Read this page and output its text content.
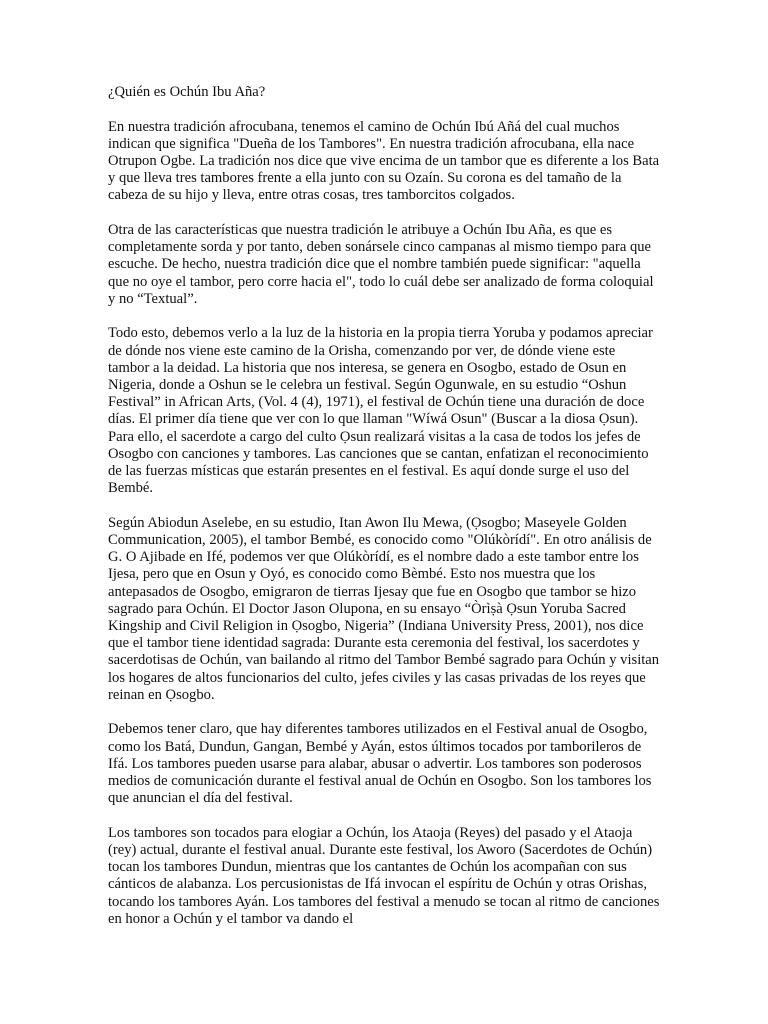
¿Quién es Ochún Ibu Aña?

En nuestra tradición afrocubana, tenemos el camino de Ochún Ibú Añá del cual muchos indican que significa "Dueña de los Tambores". En nuestra tradición afrocubana, ella nace Otrupon Ogbe. La tradición nos dice que vive encima de un tambor que es diferente a los Bata y que lleva tres tambores frente a ella junto con su Ozaín. Su corona es del tamaño de la cabeza de su hijo y lleva, entre otras cosas, tres tamborcitos colgados.

Otra de las características que nuestra tradición le atribuye a Ochún Ibu Aña, es que es completamente sorda y por tanto, deben sonársele cinco campanas al mismo tiempo para que escuche. De hecho, nuestra tradición dice que el nombre también puede significar: "aquella que no oye el tambor, pero corre hacia el", todo lo cuál debe ser analizado de forma coloquial y no “Textual”.

Todo esto, debemos verlo a la luz de la historia en la propia tierra Yoruba y podamos apreciar de dónde nos viene este camino de la Orisha, comenzando por ver, de dónde viene este tambor a la deidad. La historia que nos interesa, se genera en Osogbo, estado de Osun en Nigeria, donde a Oshun se le celebra un festival. Según Ogunwale, en su estudio “Oshun Festival” in African Arts, (Vol. 4 (4), 1971), el festival de Ochún tiene una duración de doce días. El primer día tiene que ver con lo que llaman "Wíwá Osun" (Buscar a la diosa Ọsun). Para ello, el sacerdote a cargo del culto Ọsun realizará visitas a la casa de todos los jefes de Osogbo con canciones y tambores. Las canciones que se cantan, enfatizan el reconocimiento de las fuerzas místicas que estarán presentes en el festival. Es aquí donde surge el uso del Bembé.

Según Abiodun Aselebe, en su estudio, Itan Awon Ilu Mewa, (Ọsogbo; Maseyele Golden Communication, 2005), el tambor Bembé, es conocido como "Olúkòrídí". En otro análisis de G. O Ajibade en Ifé, podemos ver que Olúkòrídí, es el nombre dado a este tambor entre los Ijesa, pero que en Osun y Oyó, es conocido como Bèmbé. Esto nos muestra que los antepasados de Osogbo, emigraron de tierras Ijesay que fue en Osogbo que tambor se hizo sagrado para Ochún. El Doctor Jason Olupona, en su ensayo “Òrìṣà Ọsun Yoruba Sacred Kingship and Civil Religion in Ọsogbo, Nigeria” (Indiana University Press, 2001), nos dice que el tambor tiene identidad sagrada: Durante esta ceremonia del festival, los sacerdotes y sacerdotisas de Ochún, van bailando al ritmo del Tambor Bembé sagrado para Ochún y visitan los hogares de altos funcionarios del culto, jefes civiles y las casas privadas de los reyes que reinan en Ọsogbo.

Debemos tener claro, que hay diferentes tambores utilizados en el Festival anual de Osogbo, como los Batá, Dundun, Gangan, Bembé y Ayán, estos últimos tocados por tamborileros de Ifá. Los tambores pueden usarse para alabar, abusar o advertir. Los tambores son poderosos medios de comunicación durante el festival anual de Ochún en Osogbo. Son los tambores los que anuncian el día del festival.

Los tambores son tocados para elogiar a Ochún, los Ataoja (Reyes) del pasado y el Ataoja (rey) actual, durante el festival anual. Durante este festival, los Aworo (Sacerdotes de Ochún) tocan los tambores Dundun, mientras que los cantantes de Ochún los acompañan con sus cánticos de alabanza. Los percusionistas de Ifá invocan el espíritu de Ochún y otras Orishas, tocando los tambores Ayán. Los tambores del festival a menudo se tocan al ritmo de canciones en honor a Ochún y el tambor va dando el
